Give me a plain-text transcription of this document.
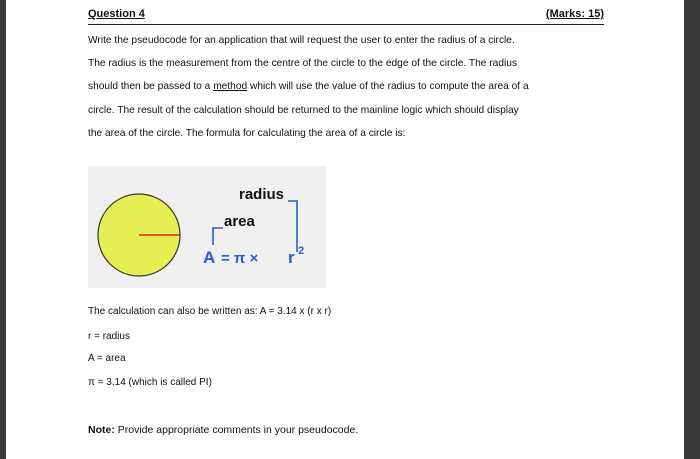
Question 4	(Marks: 15)

Write the pseudocode for an application that will request the user to enter the radius of a circle.

The radius is the measurement from the centre of the circle to the edge of the circle. The radius

should then be passed to a method which will use the value of the radius to compute the area of a

circle. The result of the calculation should be returned to the mainline logic which should display

the area of the circle. The formula for calculating the area of a circle is:

radius
area
A = π × r 2
The calculation can also be written as: A = 3.14 x (r x r)
r = radius
A = area
π = 3.14 (which is called PI)
Note: Provide appropriate comments in your pseudocode.
